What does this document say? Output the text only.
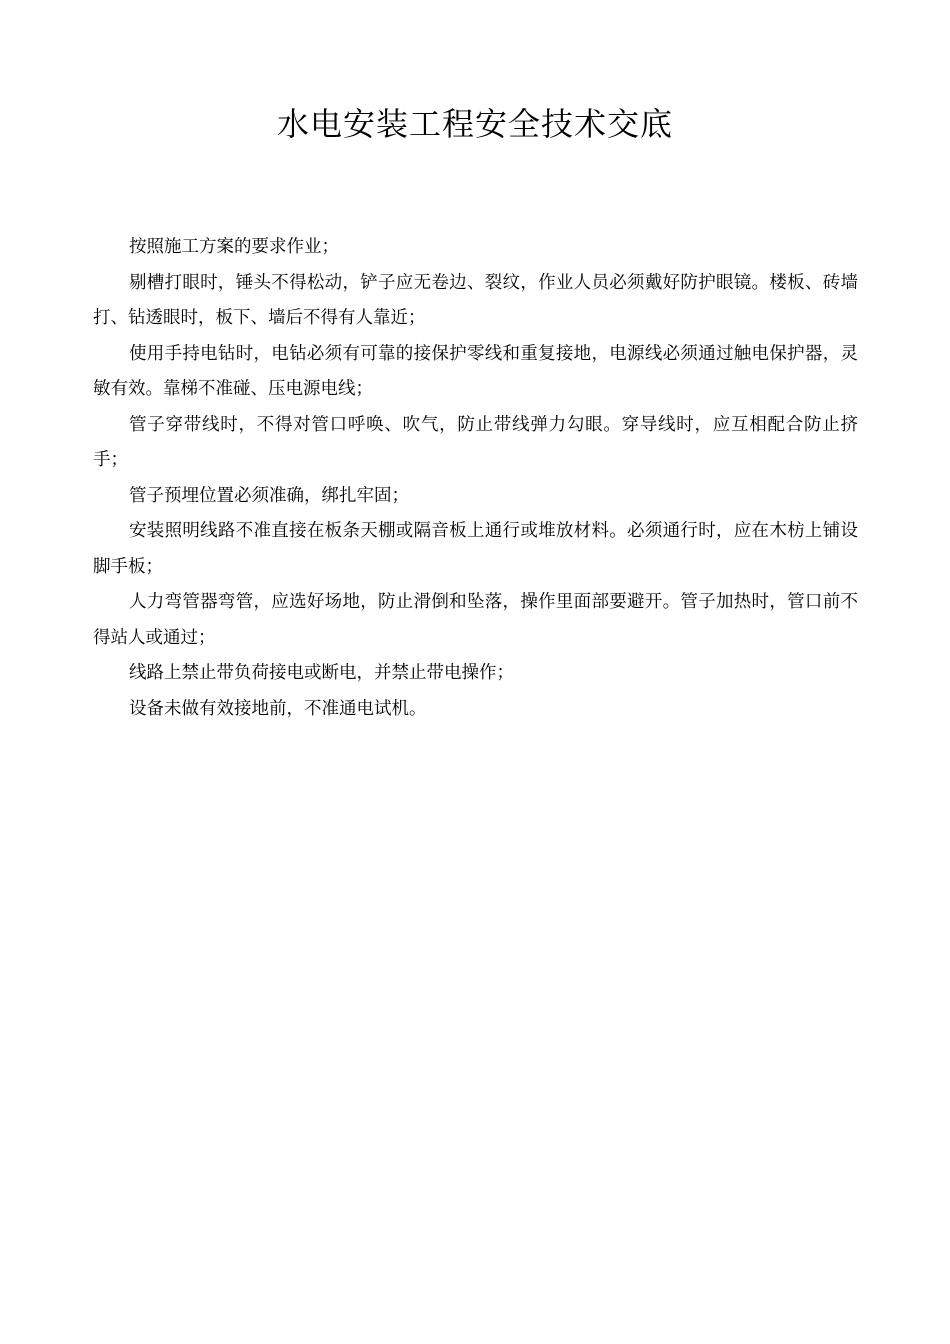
水电安装工程安全技术交底

按照施工方案的要求作业；

剔槽打眼时，锤头不得松动，铲子应无卷边、裂纹，作业人员必须戴好防护眼镜。楼板、砖墙打、钻透眼时，板下、墙后不得有人靠近；

使用手持电钻时，电钻必须有可靠的接保护零线和重复接地，电源线必须通过触电保护器，灵敏有效。靠梯不准碰、压电源电线；

管子穿带线时，不得对管口呼唤、吹气，防止带线弹力勾眼。穿导线时，应互相配合防止挤手；

管子预埋位置必须准确，绑扎牢固；

安装照明线路不准直接在板条天棚或隔音板上通行或堆放材料。必须通行时，应在木枋上铺设脚手板；

人力弯管器弯管，应选好场地，防止滑倒和坠落，操作里面部要避开。管子加热时，管口前不得站人或通过；

线路上禁止带负荷接电或断电，并禁止带电操作；

设备未做有效接地前，不准通电试机。
